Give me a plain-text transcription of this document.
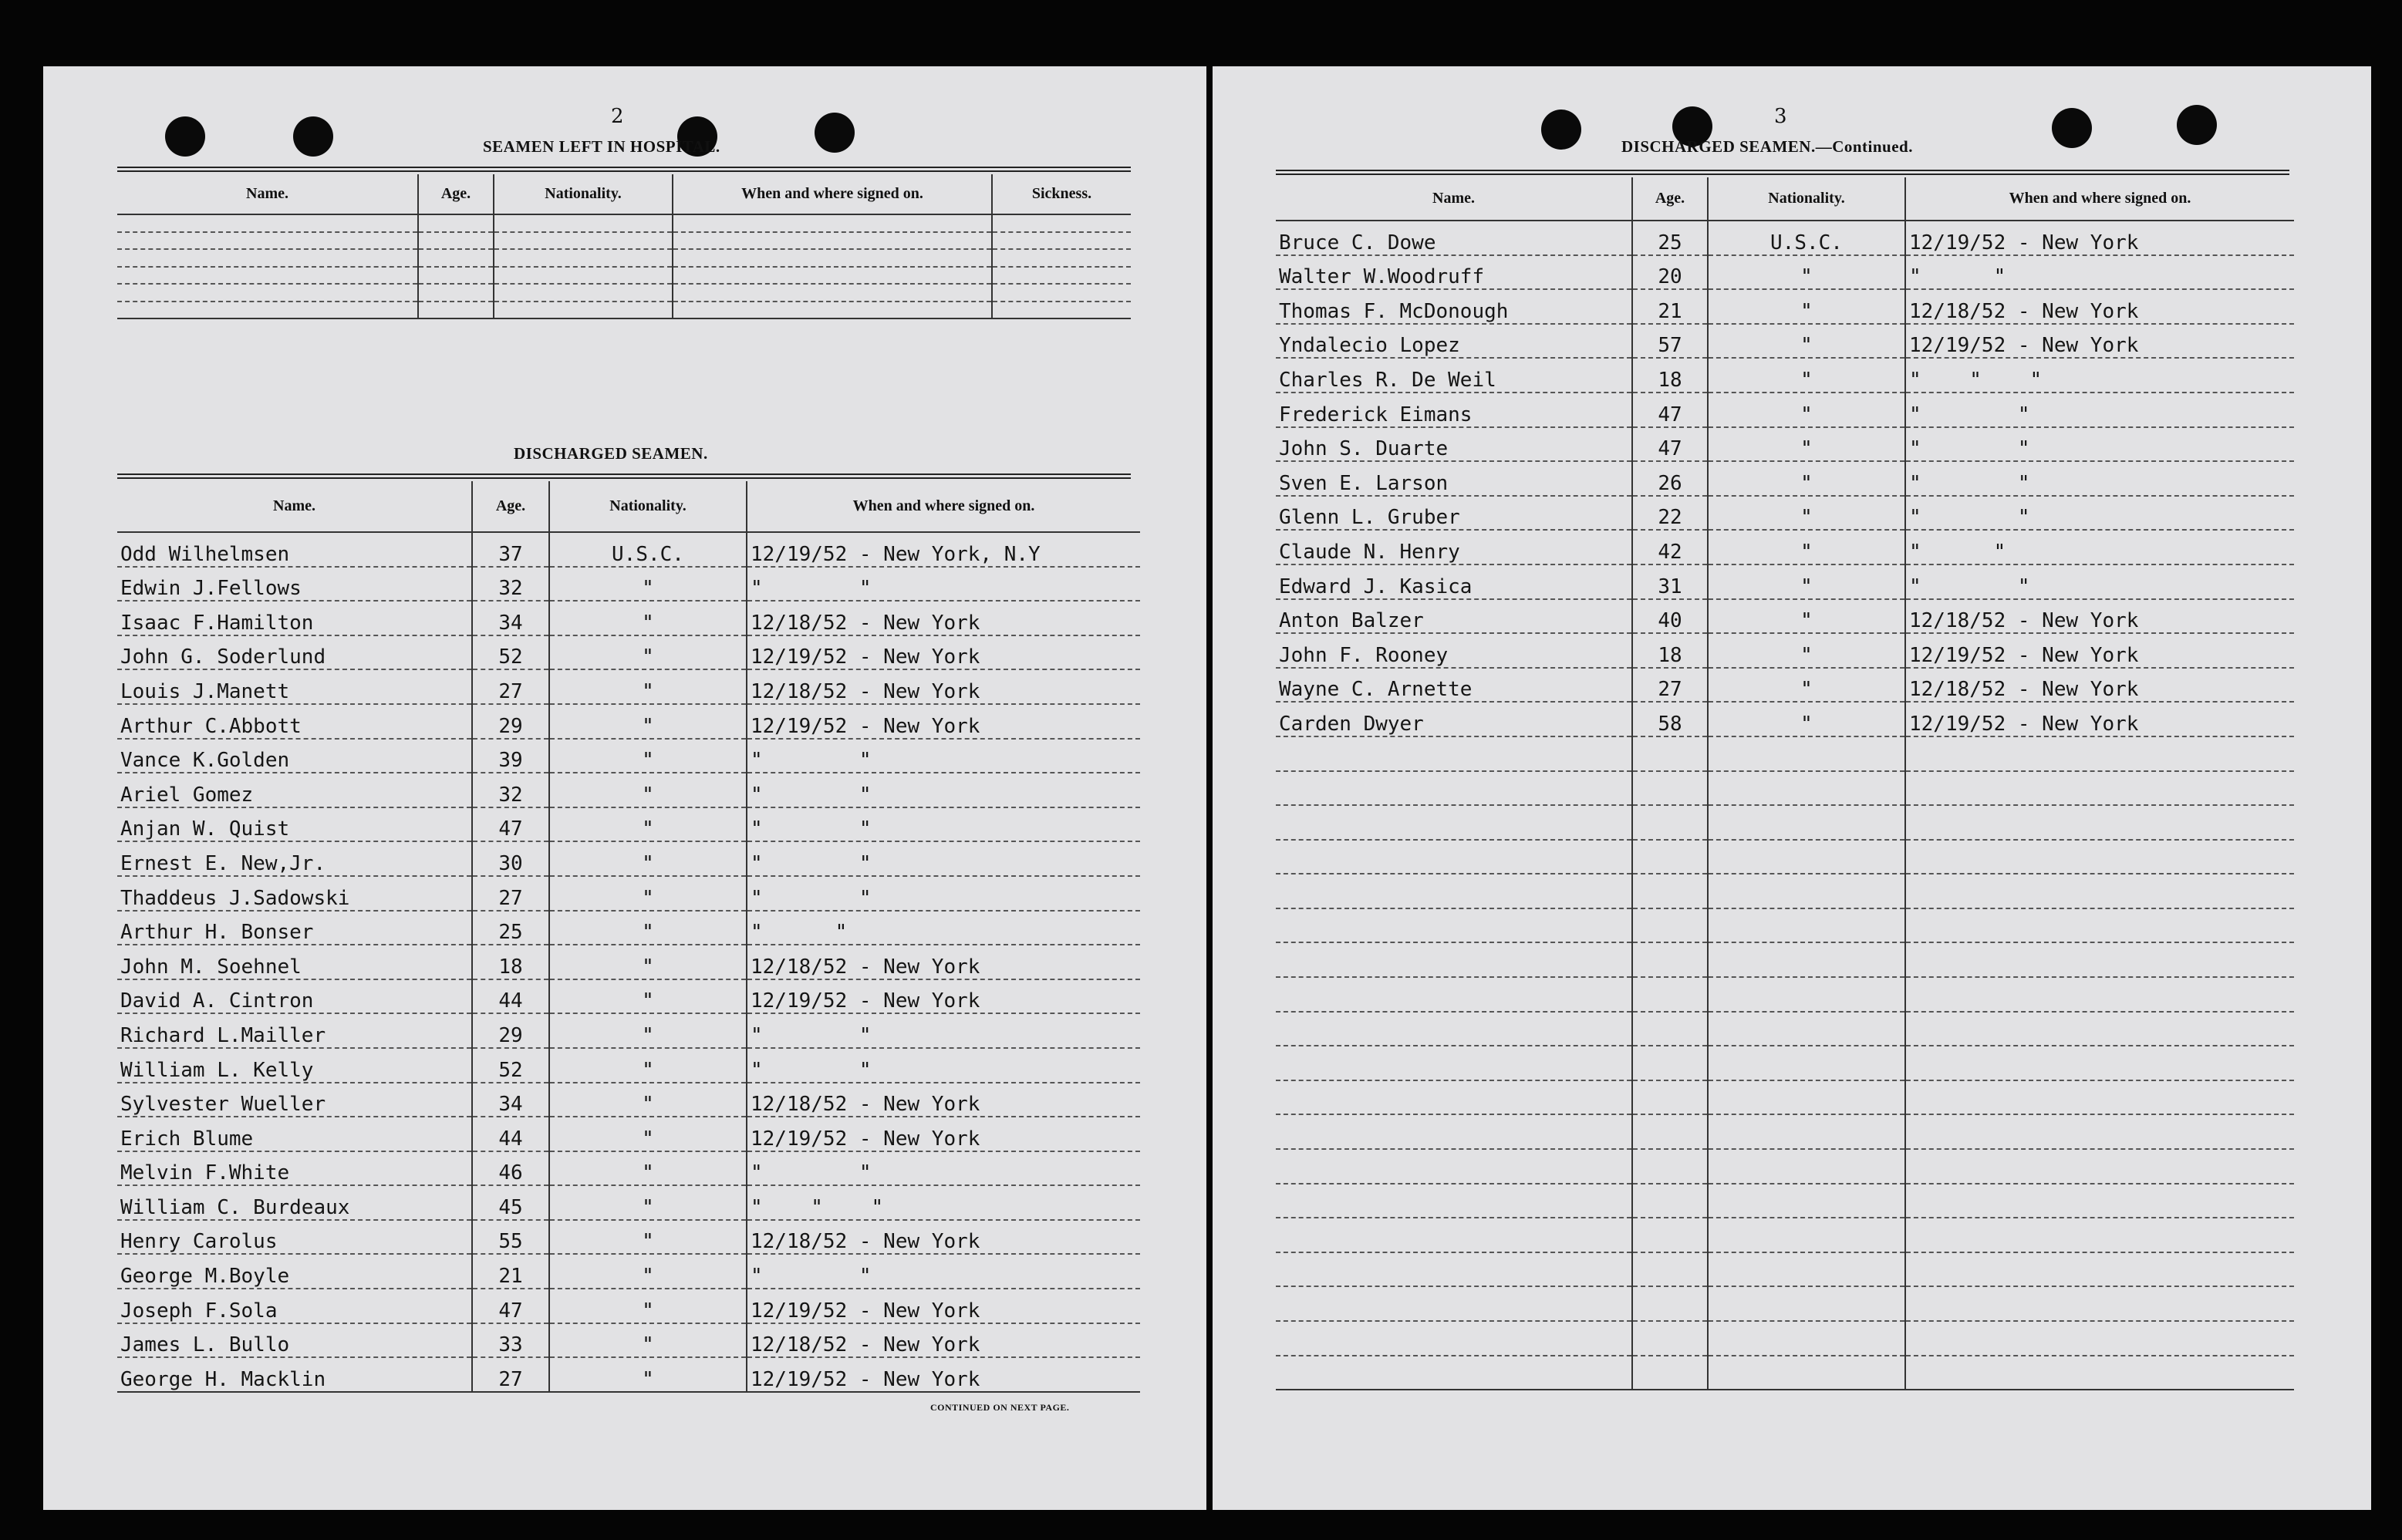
2
SEAMEN LEFT IN HOSPITAL.
Name.	Age.	Nationality.	When and where signed on.	Sickness.

DISCHARGED SEAMEN.
Name.	Age.	Nationality.	When and where signed on.
Odd Wilhelmsen	37	U.S.C.	12/19/52 - New York, N.Y
Edwin J.Fellows	32	"	"        "
Isaac F.Hamilton	34	"	12/18/52 - New York
John G. Soderlund	52	"	12/19/52 - New York
Louis J.Manett	27	"	12/18/52 - New York
Arthur C.Abbott	29	"	12/19/52 - New York
Vance K.Golden	39	"	"        "
Ariel Gomez	32	"	"        "
Anjan W. Quist	47	"	"        "
Ernest E. New,Jr.	30	"	"        "
Thaddeus J.Sadowski	27	"	"        "
Arthur H. Bonser	25	"	"      "
John M. Soehnel	18	"	12/18/52 - New York
David A. Cintron	44	"	12/19/52 - New York
Richard L.Mailler	29	"	"        "
William L. Kelly	52	"	"        "
Sylvester Wueller	34	"	12/18/52 - New York
Erich Blume	44	"	12/19/52 - New York
Melvin F.White	46	"	"        "
William C. Burdeaux	45	"	"    "    "
Henry Carolus	55	"	12/18/52 - New York
George M.Boyle	21	"	"        "
Joseph F.Sola	47	"	12/19/52 - New York
James L. Bullo	33	"	12/18/52 - New York
George H. Macklin	27	"	12/19/52 - New York
CONTINUED ON NEXT PAGE.
3
DISCHARGED SEAMEN.—Continued.
Name.	Age.	Nationality.	When and where signed on.
Bruce C. Dowe	25	U.S.C.	12/19/52 - New York
Walter W.Woodruff	20	"	"      "
Thomas F. McDonough	21	"	12/18/52 - New York
Yndalecio Lopez	57	"	12/19/52 - New York
Charles R. De Weil	18	"	"    "    "
Frederick Eimans	47	"	"        "
John S. Duarte	47	"	"        "
Sven E. Larson	26	"	"        "
Glenn L. Gruber	22	"	"        "
Claude N. Henry	42	"	"      "
Edward J. Kasica	31	"	"        "
Anton Balzer	40	"	12/18/52 - New York
John F. Rooney	18	"	12/19/52 - New York
Wayne C. Arnette	27	"	12/18/52 - New York
Carden Dwyer	58	"	12/19/52 - New York
